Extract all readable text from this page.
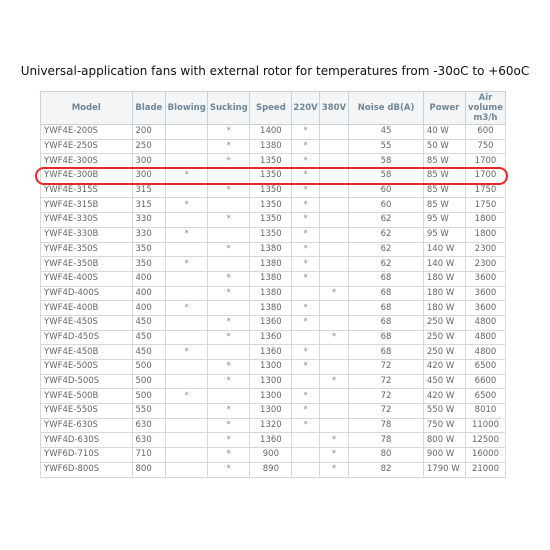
Universal-application fans with external rotor for temperatures from -30oC to +60oC
Model	Blade	Blowing	Sucking	Speed	220V	380V	Noise dB(A)	Power	Air volume m3/h
YWF4E-200S	200		*	1400	*		45	40 W	600
YWF4E-250S	250		*	1380	*		55	50 W	750
YWF4E-300S	300		*	1350	*		58	85 W	1700
YWF4E-300B	300	*		1350	*		58	85 W	1700
YWF4E-315S	315		*	1350	*		60	85 W	1750
YWF4E-315B	315	*		1350	*		60	85 W	1750
YWF4E-330S	330		*	1350	*		62	95 W	1800
YWF4E-330B	330	*		1350	*		62	95 W	1800
YWF4E-350S	350		*	1380	*		62	140 W	2300
YWF4E-350B	350	*		1380	*		62	140 W	2300
YWF4E-400S	400		*	1380	*		68	180 W	3600
YWF4D-400S	400		*	1380		*	68	180 W	3600
YWF4E-400B	400	*		1380	*		68	180 W	3600
YWF4E-450S	450		*	1360	*		68	250 W	4800
YWF4D-450S	450		*	1360		*	68	250 W	4800
YWF4E-450B	450	*		1360	*		68	250 W	4800
YWF4E-500S	500		*	1300	*		72	420 W	6500
YWF4D-500S	500		*	1300		*	72	450 W	6600
YWF4E-500B	500	*		1300	*		72	420 W	6500
YWF4E-550S	550		*	1300	*		72	550 W	8010
YWF4E-630S	630		*	1320	*		78	750 W	11000
YWF4D-630S	630		*	1360		*	78	800 W	12500
YWF6D-710S	710		*	900		*	80	900 W	16000
YWF6D-800S	800		*	890		*	82	1790 W	21000
